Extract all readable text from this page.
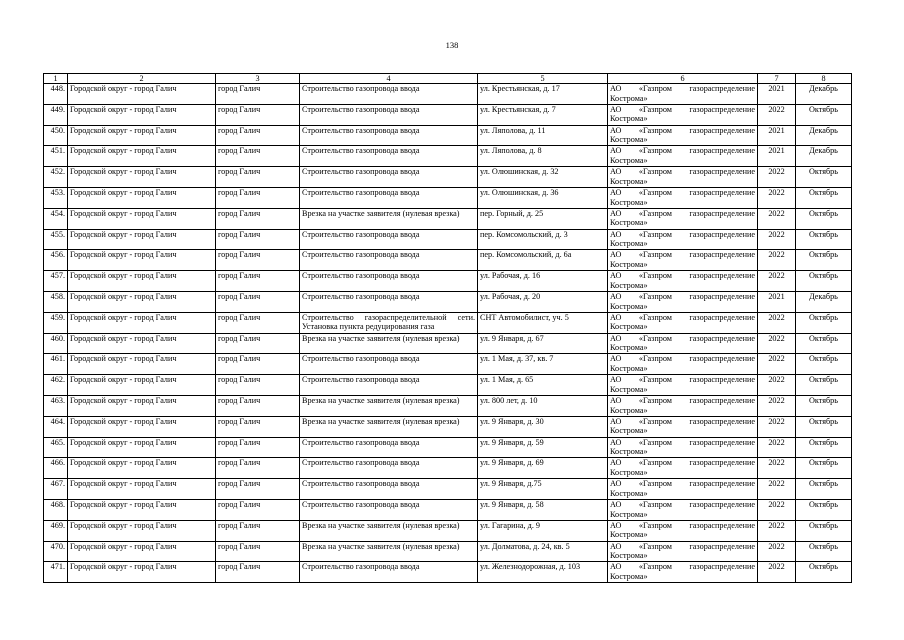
138
1	2	3	4	5	6	7	8
448.	Городской округ - город Галич	город Галич	Строительство газопровода ввода	ул. Крестьянская, д. 17	АО «Газпром газораспределение
Кострома»	2021	Декабрь
449.	Городской округ - город Галич	город Галич	Строительство газопровода ввода	ул. Крестьянская, д. 7	АО «Газпром газораспределение
Кострома»	2022	Октябрь
450.	Городской округ - город Галич	город Галич	Строительство газопровода ввода	ул. Ляполова, д. 11	АО «Газпром газораспределение
Кострома»	2021	Декабрь
451.	Городской округ - город Галич	город Галич	Строительство газопровода ввода	ул. Ляполова, д. 8	АО «Газпром газораспределение
Кострома»	2021	Декабрь
452.	Городской округ - город Галич	город Галич	Строительство газопровода ввода	ул. Олюшинская, д. 32	АО «Газпром газораспределение
Кострома»	2022	Октябрь
453.	Городской округ - город Галич	город Галич	Строительство газопровода ввода	ул. Олюшинская, д. 36	АО «Газпром газораспределение
Кострома»	2022	Октябрь
454.	Городской округ - город Галич	город Галич	Врезка на участке заявителя (нулевая врезка)	пер. Горный, д. 25	АО «Газпром газораспределение
Кострома»	2022	Октябрь
455.	Городской округ - город Галич	город Галич	Строительство газопровода ввода	пер. Комсомольский, д. 3	АО «Газпром газораспределение
Кострома»	2022	Октябрь
456.	Городской округ - город Галич	город Галич	Строительство газопровода ввода	пер. Комсомольский, д. 6а	АО «Газпром газораспределение
Кострома»	2022	Октябрь
457.	Городской округ - город Галич	город Галич	Строительство газопровода ввода	ул. Рабочая, д. 16	АО «Газпром газораспределение
Кострома»	2022	Октябрь
458.	Городской округ - город Галич	город Галич	Строительство газопровода ввода	ул. Рабочая, д. 20	АО «Газпром газораспределение
Кострома»	2021	Декабрь
459.	Городской округ - город Галич	город Галич	Строительство газораспределительной сети. Установка пункта редуцирования газа	СНТ Автомобилист, уч. 5	АО «Газпром газораспределение
Кострома»	2022	Октябрь
460.	Городской округ - город Галич	город Галич	Врезка на участке заявителя (нулевая врезка)	ул. 9 Января, д. 67	АО «Газпром газораспределение
Кострома»	2022	Октябрь
461.	Городской округ - город Галич	город Галич	Строительство газопровода ввода	ул. 1 Мая, д. 37, кв. 7	АО «Газпром газораспределение
Кострома»	2022	Октябрь
462.	Городской округ - город Галич	город Галич	Строительство газопровода ввода	ул. 1 Мая, д. 65	АО «Газпром газораспределение
Кострома»	2022	Октябрь
463.	Городской округ - город Галич	город Галич	Врезка на участке заявителя (нулевая врезка)	ул. 800 лет, д. 10	АО «Газпром газораспределение
Кострома»	2022	Октябрь
464.	Городской округ - город Галич	город Галич	Врезка на участке заявителя (нулевая врезка)	ул. 9 Января, д. 30	АО «Газпром газораспределение
Кострома»	2022	Октябрь
465.	Городской округ - город Галич	город Галич	Строительство газопровода ввода	ул. 9 Января, д. 59	АО «Газпром газораспределение
Кострома»	2022	Октябрь
466.	Городской округ - город Галич	город Галич	Строительство газопровода ввода	ул. 9 Января, д. 69	АО «Газпром газораспределение
Кострома»	2022	Октябрь
467.	Городской округ - город Галич	город Галич	Строительство газопровода ввода	ул. 9 Января, д.75	АО «Газпром газораспределение
Кострома»	2022	Октябрь
468.	Городской округ - город Галич	город Галич	Строительство газопровода ввода	ул. 9 Января, д. 58	АО «Газпром газораспределение
Кострома»	2022	Октябрь
469.	Городской округ - город Галич	город Галич	Врезка на участке заявителя (нулевая врезка)	ул. Гагарина, д. 9	АО «Газпром газораспределение
Кострома»	2022	Октябрь
470.	Городской округ - город Галич	город Галич	Врезка на участке заявителя (нулевая врезка)	ул. Долматова, д. 24, кв. 5	АО «Газпром газораспределение
Кострома»	2022	Октябрь
471.	Городской округ - город Галич	город Галич	Строительство газопровода ввода	ул. Железнодорожная, д. 103	АО «Газпром газораспределение
Кострома»	2022	Октябрь
